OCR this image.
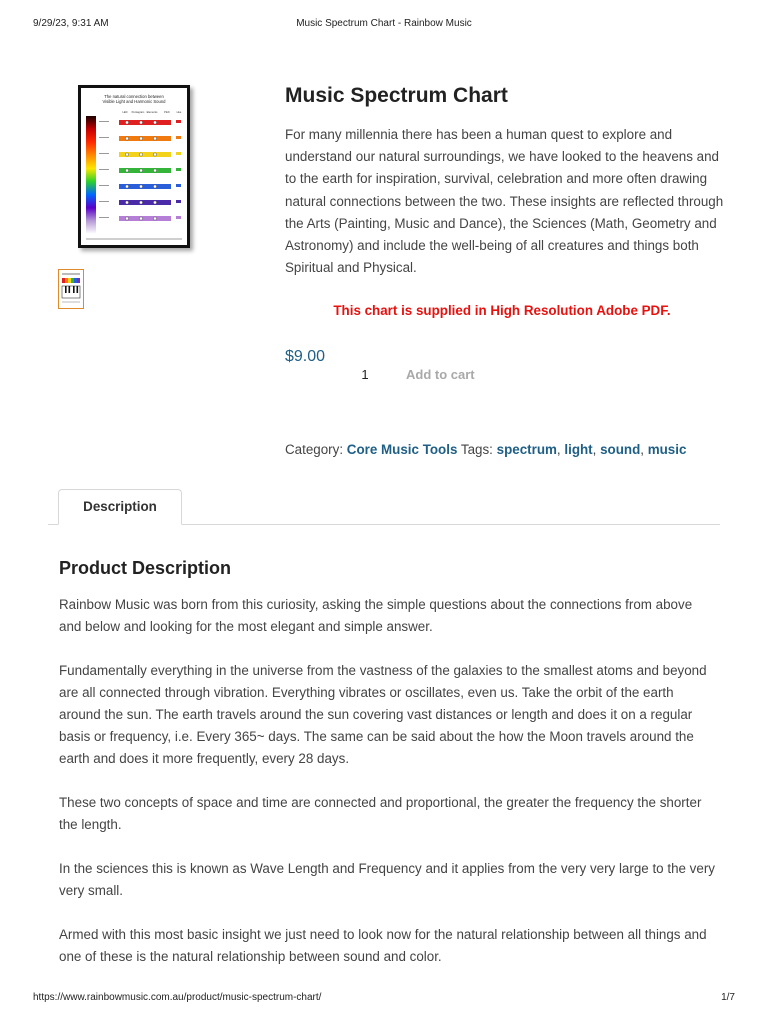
9/29/23, 9:31 AM	Music Spectrum Chart - Rainbow Music
The natural connection between
Visible Light and Harmonic Sound
LED Pentagram Elements	Pitch	Hue
Music Spectrum Chart

For many millennia there has been a human quest to explore and understand our natural surroundings, we have looked to the heavens and to the earth for inspiration, survival, celebration and more often drawing natural connections between the two. These insights are reflected through the Arts (Painting, Music and Dance), the Sciences (Math, Geometry and Astronomy) and include the well-being of all creatures and things both Spiritual and Physical.

This chart is supplied in High Resolution Adobe PDF.

$9.00
1
Add to cart
Category: Core Music Tools Tags: spectrum, light, sound, music
Description
Product Description

Rainbow Music was born from this curiosity, asking the simple questions about the connections from above and below and looking for the most elegant and simple answer.

Fundamentally everything in the universe from the vastness of the galaxies to the smallest atoms and beyond are all connected through vibration. Everything vibrates or oscillates, even us. Take the orbit of the earth around the sun. The earth travels around the sun covering vast distances or length and does it on a regular basis or frequency, i.e. Every 365~ days. The same can be said about the how the Moon travels around the earth and does it more frequently, every 28 days.

These two concepts of space and time are connected and proportional, the greater the frequency the shorter the length.

In the sciences this is known as Wave Length and Frequency and it applies from the very very large to the very very small.

Armed with this most basic insight we just need to look now for the natural relationship between all things and one of these is the natural relationship between sound and color.

https://www.rainbowmusic.com.au/product/music-spectrum-chart/	1/7
